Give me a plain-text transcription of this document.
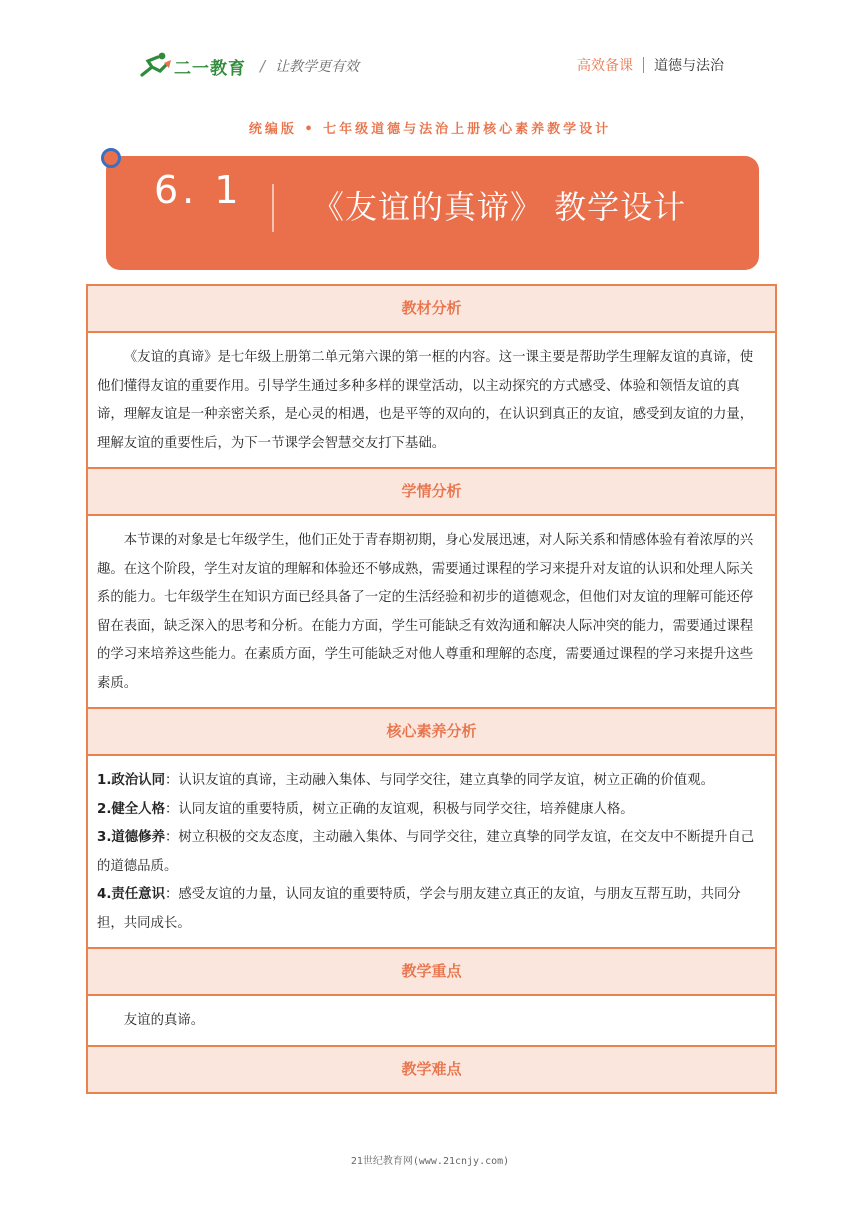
二一教育 / 让教学更有效	高效备课 道德与法治
统编版 • 七年级道德与法治上册核心素养教学设计
6. 1 《友谊的真谛》 教学设计
教材分析

《友谊的真谛》是七年级上册第二单元第六课的第一框的内容。这一课主要是帮助学生理解友谊的真谛，使他们懂得友谊的重要作用。引导学生通过多种多样的课堂活动，以主动探究的方式感受、体验和领悟友谊的真谛，理解友谊是一种亲密关系，是心灵的相遇，也是平等的双向的，在认识到真正的友谊，感受到友谊的力量，理解友谊的重要性后，为下一节课学会智慧交友打下基础。

学情分析

本节课的对象是七年级学生，他们正处于青春期初期，身心发展迅速，对人际关系和情感体验有着浓厚的兴趣。在这个阶段，学生对友谊的理解和体验还不够成熟，需要通过课程的学习来提升对友谊的认识和处理人际关系的能力。七年级学生在知识方面已经具备了一定的生活经验和初步的道德观念，但他们对友谊的理解可能还停留在表面，缺乏深入的思考和分析。在能力方面，学生可能缺乏有效沟通和解决人际冲突的能力，需要通过课程的学习来培养这些能力。在素质方面，学生可能缺乏对他人尊重和理解的态度，需要通过课程的学习来提升这些素质。

核心素养分析

1.政治认同：认识友谊的真谛，主动融入集体、与同学交往，建立真挚的同学友谊，树立正确的价值观。

2.健全人格：认同友谊的重要特质，树立正确的友谊观，积极与同学交往，培养健康人格。

3.道德修养：树立积极的交友态度，主动融入集体、与同学交往，建立真挚的同学友谊，在交友中不断提升自己的道德品质。

4.责任意识：感受友谊的力量，认同友谊的重要特质，学会与朋友建立真正的友谊，与朋友互帮互助，共同分担，共同成长。

教学重点

友谊的真谛。

教学难点
21世纪教育网(www.21cnjy.com)
